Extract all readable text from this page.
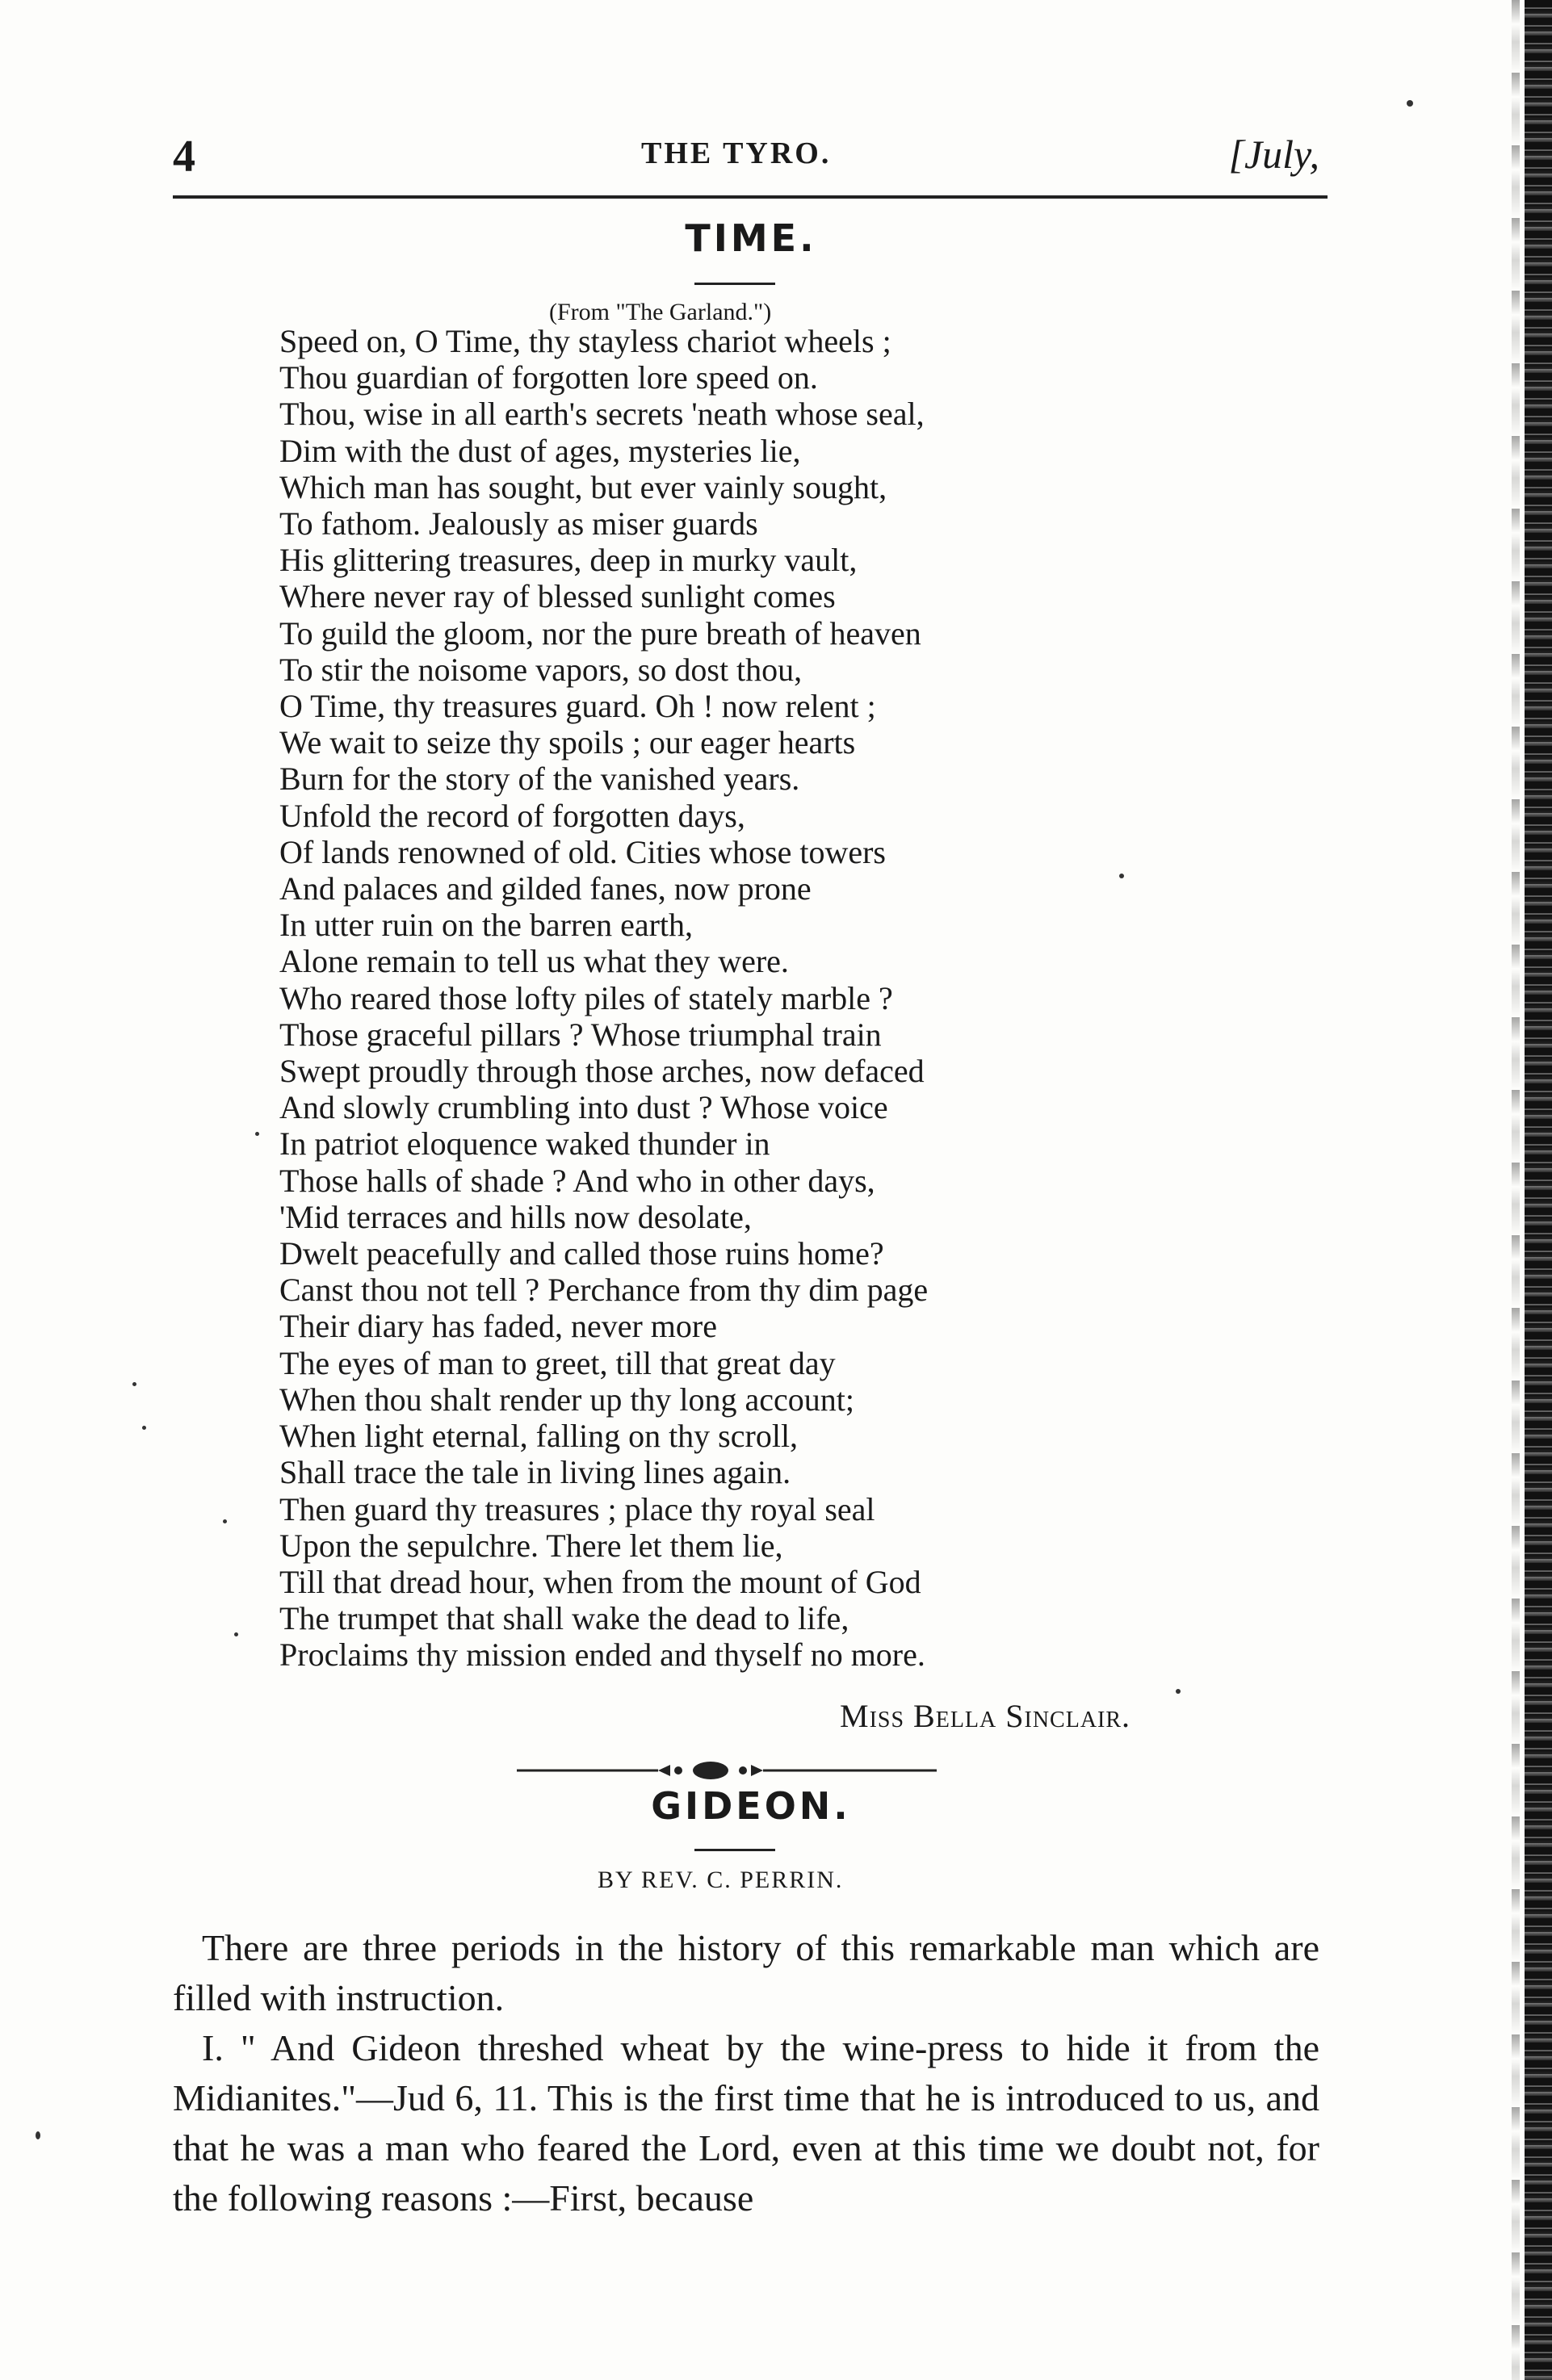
4	THE TYRO.	[July,
TIME.
(From "The Garland.")
Speed on, O Time, thy stayless chariot wheels ;
Thou guardian of forgotten lore speed on.
Thou, wise in all earth's secrets 'neath whose seal,
Dim with the dust of ages, mysteries lie,
Which man has sought, but ever vainly sought,
To fathom. Jealously as miser guards
His glittering treasures, deep in murky vault,
Where never ray of blessed sunlight comes
To guild the gloom, nor the pure breath of heaven
To stir the noisome vapors, so dost thou,
O Time, thy treasures guard. Oh ! now relent ;
We wait to seize thy spoils ; our eager hearts
Burn for the story of the vanished years.
Unfold the record of forgotten days,
Of lands renowned of old. Cities whose towers
And palaces and gilded fanes, now prone
In utter ruin on the barren earth,
Alone remain to tell us what they were.
Who reared those lofty piles of stately marble ?
Those graceful pillars ? Whose triumphal train
Swept proudly through those arches, now defaced
And slowly crumbling into dust ? Whose voice
In patriot eloquence waked thunder in
Those halls of shade ? And who in other days,
'Mid terraces and hills now desolate,
Dwelt peacefully and called those ruins home?
Canst thou not tell ? Perchance from thy dim page
Their diary has faded, never more
The eyes of man to greet, till that great day
When thou shalt render up thy long account;
When light eternal, falling on thy scroll,
Shall trace the tale in living lines again.
Then guard thy treasures ; place thy royal seal
Upon the sepulchre. There let them lie,
Till that dread hour, when from the mount of God
The trumpet that shall wake the dead to life,
Proclaims thy mission ended and thyself no more.
Miss Bella Sinclair.
GIDEON.
BY REV. C. PERRIN.

There are three periods in the history of this remarkable man which are filled with instruction.

I. " And Gideon threshed wheat by the wine-press to hide it from the Midianites."—Jud 6, 11. This is the first time that he is introduced to us, and that he was a man who feared the Lord, even at this time we doubt not, for the following reasons :—First, because
